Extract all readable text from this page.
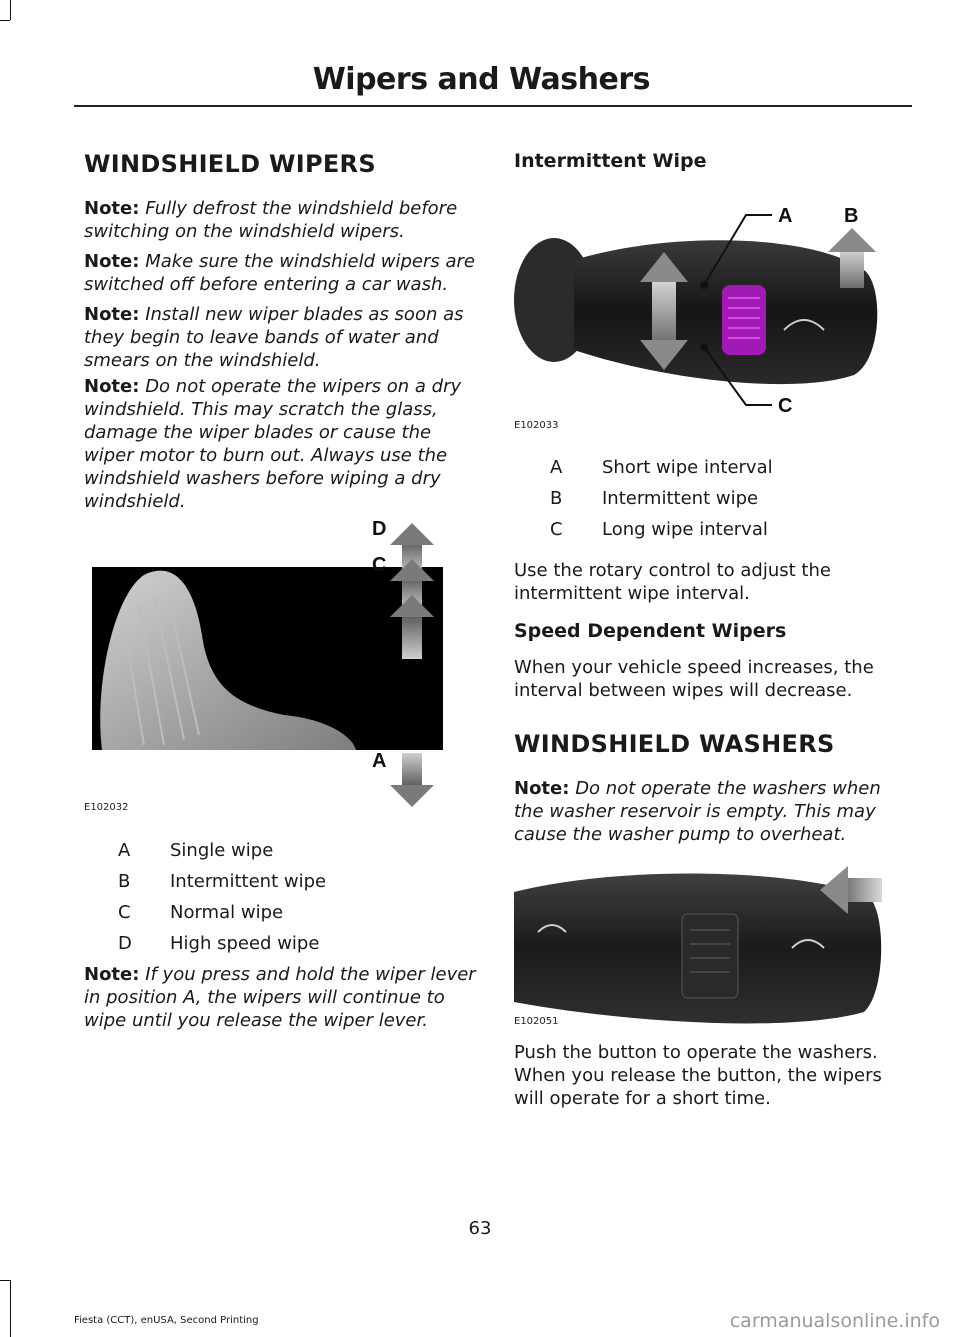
Wipers and Washers
WINDSHIELD WIPERS
Note: Fully defrost the windshield before switching on the windshield wipers.
Note: Make sure the windshield wipers are switched off before entering a car wash.
Note: Install new wiper blades as soon as they begin to leave bands of water and smears on the windshield.
Note: Do not operate the wipers on a dry windshield. This may scratch the glass, damage the wiper blades or cause the wiper motor to burn out. Always use the windshield washers before wiping a dry windshield.
D
C
A
E102032
A Single wipe
B Intermittent wipe
C Normal wipe
D High speed wipe
Note: If you press and hold the wiper lever in position A, the wipers will continue to wipe until you release the wiper lever.
Intermittent Wipe
A	B
C
E102033
A Short wipe interval
B Intermittent wipe
C Long wipe interval
Use the rotary control to adjust the intermittent wipe interval.
Speed Dependent Wipers
When your vehicle speed increases, the interval between wipes will decrease.
WINDSHIELD WASHERS
Note: Do not operate the washers when the washer reservoir is empty. This may cause the washer pump to overheat.
E102051
Push the button to operate the washers. When you release the button, the wipers will operate for a short time.
63
Fiesta (CCT), enUSA, Second Printing	carmanualsonline.info
